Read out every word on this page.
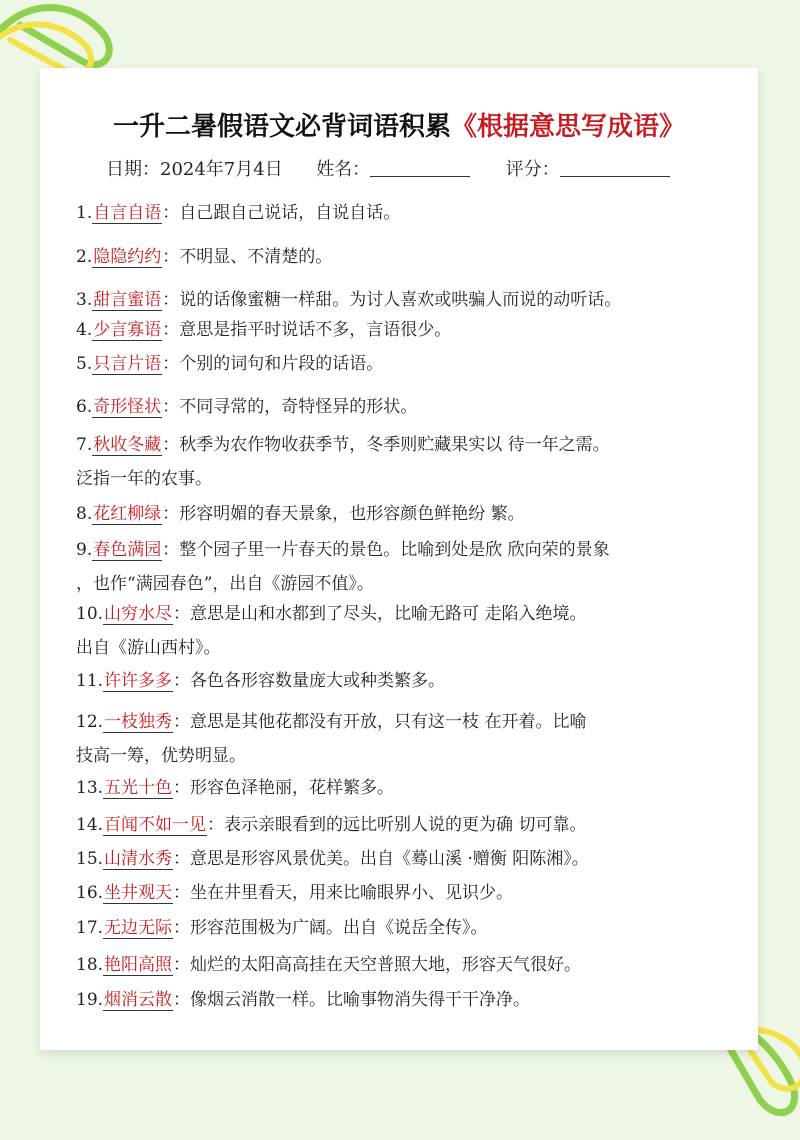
一升二暑假语文必背词语积累《根据意思写成语》
日期：2024年7月4日 姓名：	评分：
1.自言自语：自己跟自己说话，自说自话。
2.隐隐约约：不明显、不清楚的。
3.甜言蜜语：说的话像蜜糖一样甜。为讨人喜欢或哄骗人而说的动听话。
4.少言寡语：意思是指平时说话不多，言语很少。
5.只言片语：个别的词句和片段的话语。
6.奇形怪状：不同寻常的，奇特怪异的形状。
7.秋收冬藏：秋季为农作物收获季节，冬季则贮藏果实以 待一年之需。
泛指一年的农事。
8.花红柳绿：形容明媚的春天景象，也形容颜色鲜艳纷 繁。
9.春色满园：整个园子里一片春天的景色。比喻到处是欣 欣向荣的景象
，也作“满园春色”，出自《游园不值》。
10.山穷水尽：意思是山和水都到了尽头，比喻无路可 走陷入绝境。
出自《游山西村》。
11.许许多多：各色各形容数量庞大或种类繁多。
12.一枝独秀：意思是其他花都没有开放，只有这一枝 在开着。比喻
技高一筹，优势明显。
13.五光十色：形容色泽艳丽，花样繁多。
14.百闻不如一见：表示亲眼看到的远比听别人说的更为确 切可靠。
15.山清水秀：意思是形容风景优美。出自《蓦山溪 ·赠衡 阳陈湘》。
16.坐井观天：坐在井里看天，用来比喻眼界小、见识少。
17.无边无际：形容范围极为广阔。出自《说岳全传》。
18.艳阳高照：灿烂的太阳高高挂在天空普照大地，形容天气很好。
19.烟消云散：像烟云消散一样。比喻事物消失得干干净净。
